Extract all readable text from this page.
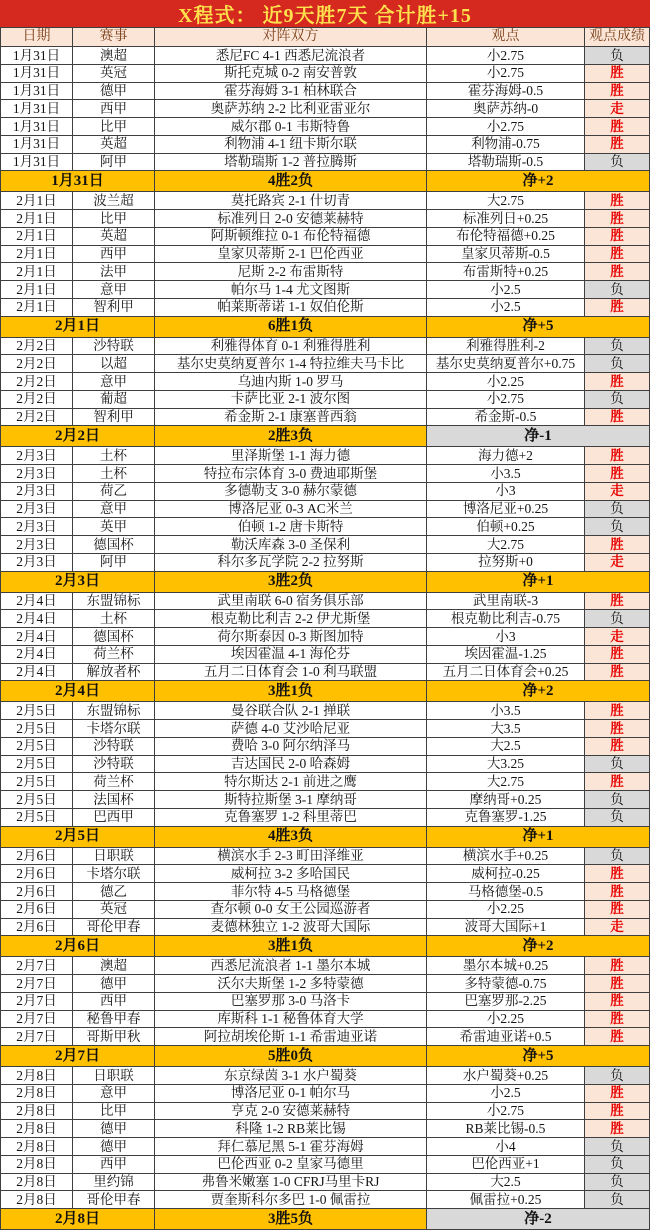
X程式： 近9天胜7天 合计胜+15
日期	赛事	对阵双方	观点	观点成绩
1月31日	澳超	悉尼FC 4-1 西悉尼流浪者	小2.75	负
1月31日	英冠	斯托克城 0-2 南安普敦	小2.75	胜
1月31日	德甲	霍芬海姆 3-1 柏林联合	霍芬海姆-0.5	胜
1月31日	西甲	奥萨苏纳 2-2 比利亚雷亚尔	奥萨苏纳-0	走
1月31日	比甲	威尔郡 0-1 韦斯特鲁	小2.75	胜
1月31日	英超	利物浦 4-1 纽卡斯尔联	利物浦-0.75	胜
1月31日	阿甲	塔勒瑞斯 1-2 普拉腾斯	塔勒瑞斯-0.5	负
1月31日	4胜2负	净+2
2月1日	波兰超	莫托路宾 2-1 什切青	大2.75	胜
2月1日	比甲	标准列日 2-0 安德莱赫特	标准列日+0.25	胜
2月1日	英超	阿斯顿维拉 0-1 布伦特福德	布伦特福德+0.25	胜
2月1日	西甲	皇家贝蒂斯 2-1 巴伦西亚	皇家贝蒂斯-0.5	胜
2月1日	法甲	尼斯 2-2 布雷斯特	布雷斯特+0.25	胜
2月1日	意甲	帕尔马 1-4 尤文图斯	小2.5	负
2月1日	智利甲	帕莱斯蒂诺 1-1 奴伯伦斯	小2.5	胜
2月1日	6胜1负	净+5
2月2日	沙特联	利雅得体育 0-1 利雅得胜利	利雅得胜利-2	负
2月2日	以超	基尔史莫纳夏普尔 1-4 特拉维夫马卡比	基尔史莫纳夏普尔+0.75	负
2月2日	意甲	乌迪内斯 1-0 罗马	小2.25	胜
2月2日	葡超	卡萨比亚 2-1 波尔图	小2.75	负
2月2日	智利甲	希金斯 2-1 康塞普西翁	希金斯-0.5	胜
2月2日	2胜3负	净-1
2月3日	土杯	里泽斯堡 1-1 海力德	海力德+2	胜
2月3日	土杯	特拉布宗体育 3-0 费迪耶斯堡	小3.5	胜
2月3日	荷乙	多德勒支 3-0 赫尔蒙德	小3	走
2月3日	意甲	博洛尼亚 0-3 AC米兰	博洛尼亚+0.25	负
2月3日	英甲	伯顿 1-2 唐卡斯特	伯顿+0.25	负
2月3日	德国杯	勒沃库森 3-0 圣保利	大2.75	胜
2月3日	阿甲	科尔多瓦学院 2-2 拉努斯	拉努斯+0	走
2月3日	3胜2负	净+1
2月4日	东盟锦标	武里南联 6-0 宿务俱乐部	武里南联-3	胜
2月4日	土杯	根克勒比利吉 2-2 伊尤斯堡	根克勒比利吉-0.75	负
2月4日	德国杯	荷尔斯泰因 0-3 斯图加特	小3	走
2月4日	荷兰杯	埃因霍温 4-1 海伦芬	埃因霍温-1.25	胜
2月4日	解放者杯	五月二日体育会 1-0 利马联盟	五月二日体育会+0.25	胜
2月4日	3胜1负	净+2
2月5日	东盟锦标	曼谷联合队 2-1 掸联	小3.5	胜
2月5日	卡塔尔联	萨德 4-0 艾沙哈尼亚	大3.5	胜
2月5日	沙特联	费哈 3-0 阿尔纳泽马	大2.5	胜
2月5日	沙特联	吉达国民 2-0 哈森姆	大3.25	负
2月5日	荷兰杯	特尔斯达 2-1 前进之鹰	大2.75	胜
2月5日	法国杯	斯特拉斯堡 3-1 摩纳哥	摩纳哥+0.25	负
2月5日	巴西甲	克鲁塞罗 1-2 科里蒂巴	克鲁塞罗-1.25	负
2月5日	4胜3负	净+1
2月6日	日职联	横滨水手 2-3 町田泽维亚	横滨水手+0.25	负
2月6日	卡塔尔联	威柯拉 3-2 多哈国民	威柯拉-0.25	胜
2月6日	德乙	菲尔特 4-5 马格德堡	马格德堡-0.5	胜
2月6日	英冠	查尔顿 0-0 女王公园巡游者	小2.25	胜
2月6日	哥伦甲春	麦德林独立 1-2 波哥大国际	波哥大国际+1	走
2月6日	3胜1负	净+2
2月7日	澳超	西悉尼流浪者 1-1 墨尔本城	墨尔本城+0.25	胜
2月7日	德甲	沃尔夫斯堡 1-2 多特蒙德	多特蒙德-0.75	胜
2月7日	西甲	巴塞罗那 3-0 马洛卡	巴塞罗那-2.25	胜
2月7日	秘鲁甲春	库斯科 1-1 秘鲁体育大学	小2.25	胜
2月7日	哥斯甲秋	阿拉胡埃伦斯 1-1 希雷迪亚诺	希雷迪亚诺+0.5	胜
2月7日	5胜0负	净+5
2月8日	日职联	东京绿茵 3-1 水户蜀葵	水户蜀葵+0.25	负
2月8日	意甲	博洛尼亚 0-1 帕尔马	小2.5	胜
2月8日	比甲	亨克 2-0 安德莱赫特	小2.75	胜
2月8日	德甲	科隆 1-2 RB莱比锡	RB莱比锡-0.5	胜
2月8日	德甲	拜仁慕尼黑 5-1 霍芬海姆	小4	负
2月8日	西甲	巴伦西亚 0-2 皇家马德里	巴伦西亚+1	负
2月8日	里约锦	弗鲁米嫩塞 1-0 CFRJ马里卡RJ	大2.5	负
2月8日	哥伦甲春	贾奎斯科尔多巴 1-0 佩雷拉	佩雷拉+0.25	负
2月8日	3胜5负	净-2
